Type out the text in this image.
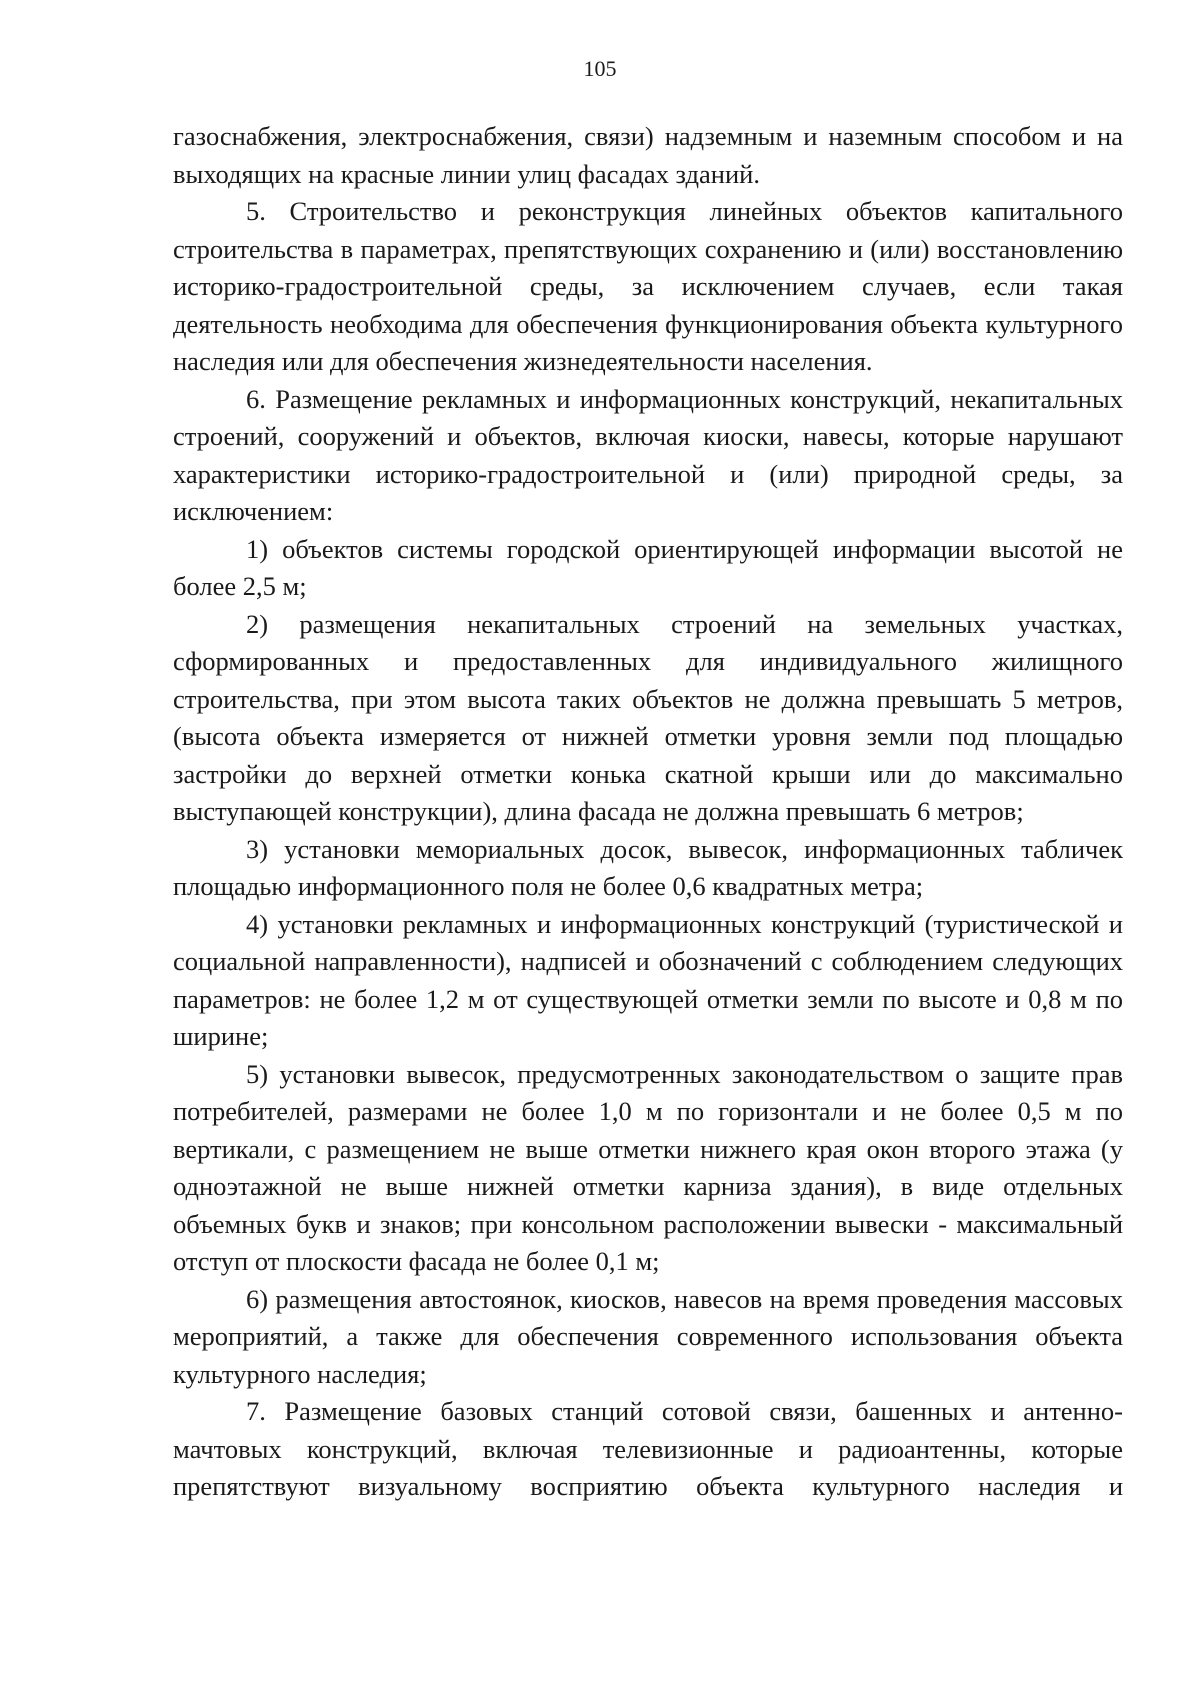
105

газоснабжения, электроснабжения, связи) надземным и наземным способом и на выходящих на красные линии улиц фасадах зданий.

5. Строительство и реконструкция линейных объектов капитального строительства в параметрах, препятствующих сохранению и (или) восстановлению историко-градостроительной среды, за исключением случаев, если такая деятельность необходима для обеспечения функционирования объекта культурного наследия или для обеспечения жизнедеятельности населения.

6. Размещение рекламных и информационных конструкций, некапитальных строений, сооружений и объектов, включая киоски, навесы, которые нарушают характеристики историко-градостроительной и (или) природной среды, за исключением:

1) объектов системы городской ориентирующей информации высотой не более 2,5 м;

2) размещения некапитальных строений на земельных участках, сформированных и предоставленных для индивидуального жилищного строительства, при этом высота таких объектов не должна превышать 5 метров, (высота объекта измеряется от нижней отметки уровня земли под площадью застройки до верхней отметки конька скатной крыши или до максимально выступающей конструкции), длина фасада не должна превышать 6 метров;

3) установки мемориальных досок, вывесок, информационных табличек площадью информационного поля не более 0,6 квадратных метра;

4) установки рекламных и информационных конструкций (туристической и социальной направленности), надписей и обозначений с соблюдением следующих параметров: не более 1,2 м от существующей отметки земли по высоте и 0,8 м по ширине;

5) установки вывесок, предусмотренных законодательством о защите прав потребителей, размерами не более 1,0 м по горизонтали и не более 0,5 м по вертикали, с размещением не выше отметки нижнего края окон второго этажа (у одноэтажной не выше нижней отметки карниза здания), в виде отдельных объемных букв и знаков; при консольном расположении вывески - максимальный отступ от плоскости фасада не более 0,1 м;

6) размещения автостоянок, киосков, навесов на время проведения массовых мероприятий, а также для обеспечения современного использования объекта культурного наследия;

7. Размещение базовых станций сотовой связи, башенных и антенно-мачтовых конструкций, включая телевизионные и радиоантенны, которые препятствуют визуальному восприятию объекта культурного наследия и
